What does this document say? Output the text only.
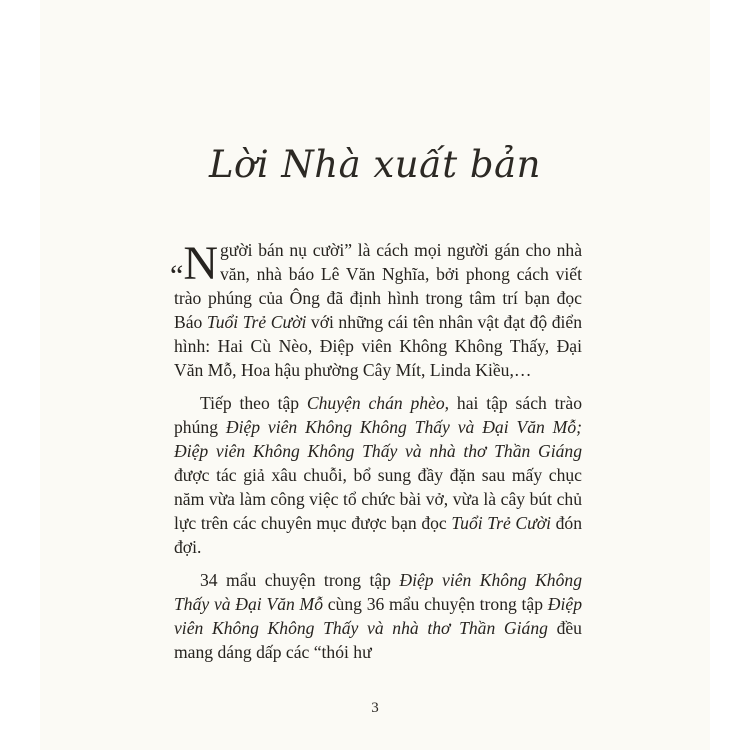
Lời Nhà xuất bản

“N gười bán nụ cười” là cách mọi người gán cho nhà văn, nhà báo Lê Văn Nghĩa, bởi phong cách viết trào phúng của Ông đã định hình trong tâm trí bạn đọc Báo Tuổi Trẻ Cười với những cái tên nhân vật đạt độ điển hình: Hai Cù Nèo, Điệp viên Không Không Thấy, Đại Văn Mỗ, Hoa hậu phường Cây Mít, Linda Kiều,…

Tiếp theo tập Chuyện chán phèo, hai tập sách trào phúng Điệp viên Không Không Thấy và Đại Văn Mỗ; Điệp viên Không Không Thấy và nhà thơ Thần Giáng được tác giả xâu chuỗi, bổ sung đầy đặn sau mấy chục năm vừa làm công việc tổ chức bài vở, vừa là cây bút chủ lực trên các chuyên mục được bạn đọc Tuổi Trẻ Cười đón đợi.

34 mẩu chuyện trong tập Điệp viên Không Không Thấy và Đại Văn Mỗ cùng 36 mẩu chuyện trong tập Điệp viên Không Không Thấy và nhà thơ Thần Giáng đều mang dáng dấp các “thói hư

3
